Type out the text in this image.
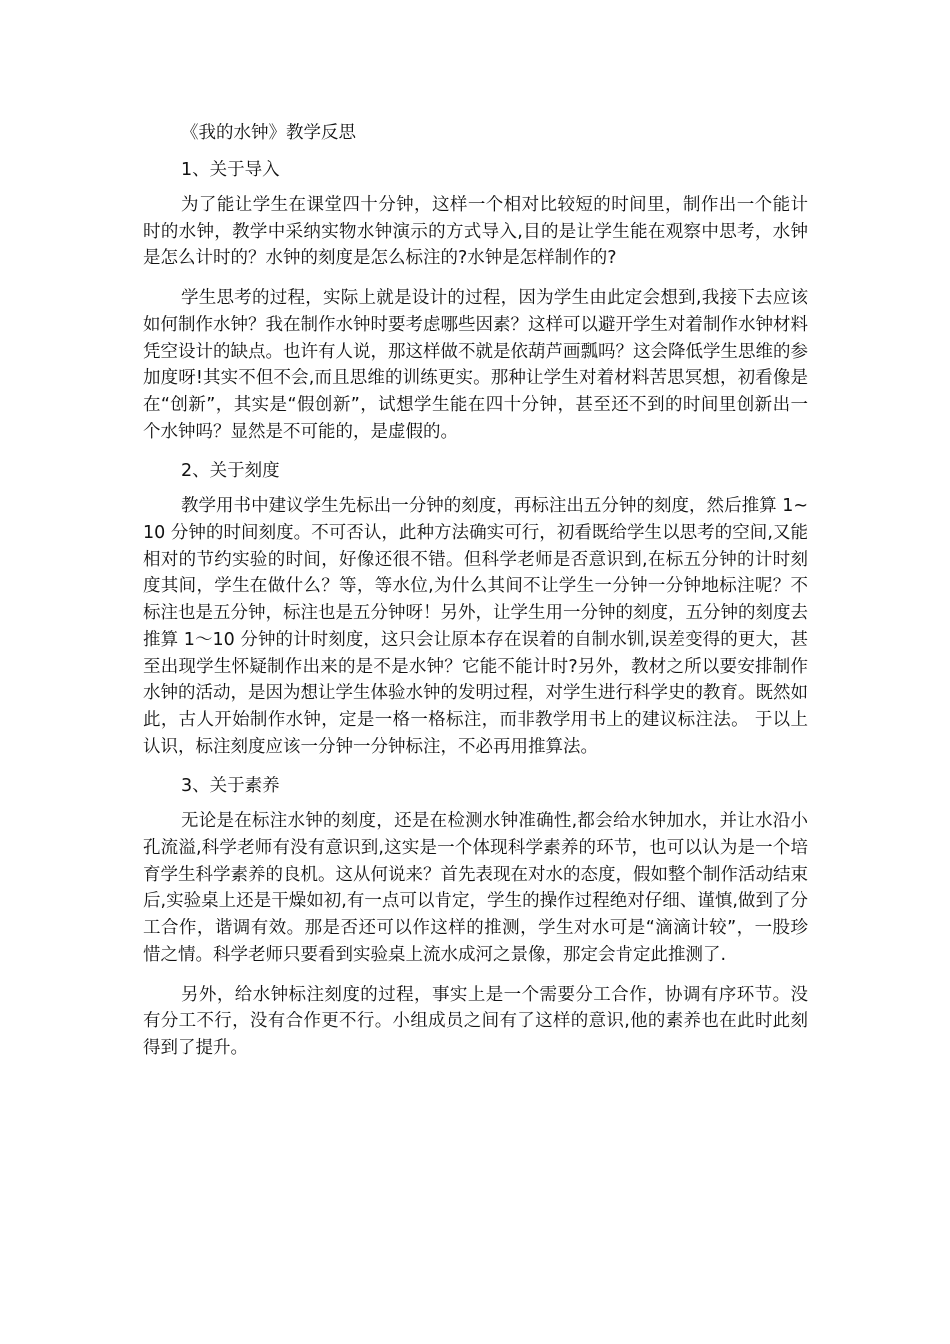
《我的水钟》教学反思

1、关于导入

为了能让学生在课堂四十分钟，这样一个相对比较短的时间里，制作出一个能计时的水钟，教学中采纳实物水钟演示的方式导入,目的是让学生能在观察中思考，水钟是怎么计时的？水钟的刻度是怎么标注的?水钟是怎样制作的?

学生思考的过程，实际上就是设计的过程，因为学生由此定会想到,我接下去应该如何制作水钟？我在制作水钟时要考虑哪些因素？这样可以避开学生对着制作水钟材料凭空设计的缺点。也许有人说，那这样做不就是依葫芦画瓢吗？这会降低学生思维的参加度呀!其实不但不会,而且思维的训练更实。那种让学生对着材料苦思冥想，初看像是在“创新”，其实是“假创新”，试想学生能在四十分钟，甚至还不到的时间里创新出一个水钟吗？显然是不可能的，是虚假的。

2、关于刻度

教学用书中建议学生先标出一分钟的刻度，再标注出五分钟的刻度，然后推算 1~10 分钟的时间刻度。不可否认，此种方法确实可行，初看既给学生以思考的空间,又能相对的节约实验的时间，好像还很不错。但科学老师是否意识到,在标五分钟的计时刻度其间，学生在做什么？等，等水位,为什么其间不让学生一分钟一分钟地标注呢？不标注也是五分钟，标注也是五分钟呀！另外，让学生用一分钟的刻度，五分钟的刻度去推算 1～10 分钟的计时刻度，这只会让原本存在误着的自制水钏,误差变得的更大，甚至出现学生怀疑制作出来的是不是水钟？它能不能计时?另外，教材之所以要安排制作水钟的活动，是因为想让学生体验水钟的发明过程，对学生进行科学史的教育。既然如此，古人开始制作水钟，定是一格一格标注，而非教学用书上的建议标注法。 于以上认识，标注刻度应该一分钟一分钟标注，不必再用推算法。

3、关于素养

无论是在标注水钟的刻度，还是在检测水钟准确性,都会给水钟加水，并让水沿小孔流溢,科学老师有没有意识到,这实是一个体现科学素养的环节，也可以认为是一个培育学生科学素养的良机。这从何说来？首先表现在对水的态度，假如整个制作活动结束后,实验桌上还是干燥如初,有一点可以肯定，学生的操作过程绝对仔细、谨慎,做到了分工合作，谐调有效。那是否还可以作这样的推测，学生对水可是“滴滴计较”，一股珍惜之情。科学老师只要看到实验桌上流水成河之景像，那定会肯定此推测了.

另外，给水钟标注刻度的过程，事实上是一个需要分工合作，协调有序环节。没有分工不行，没有合作更不行。小组成员之间有了这样的意识,他的素养也在此时此刻得到了提升。
